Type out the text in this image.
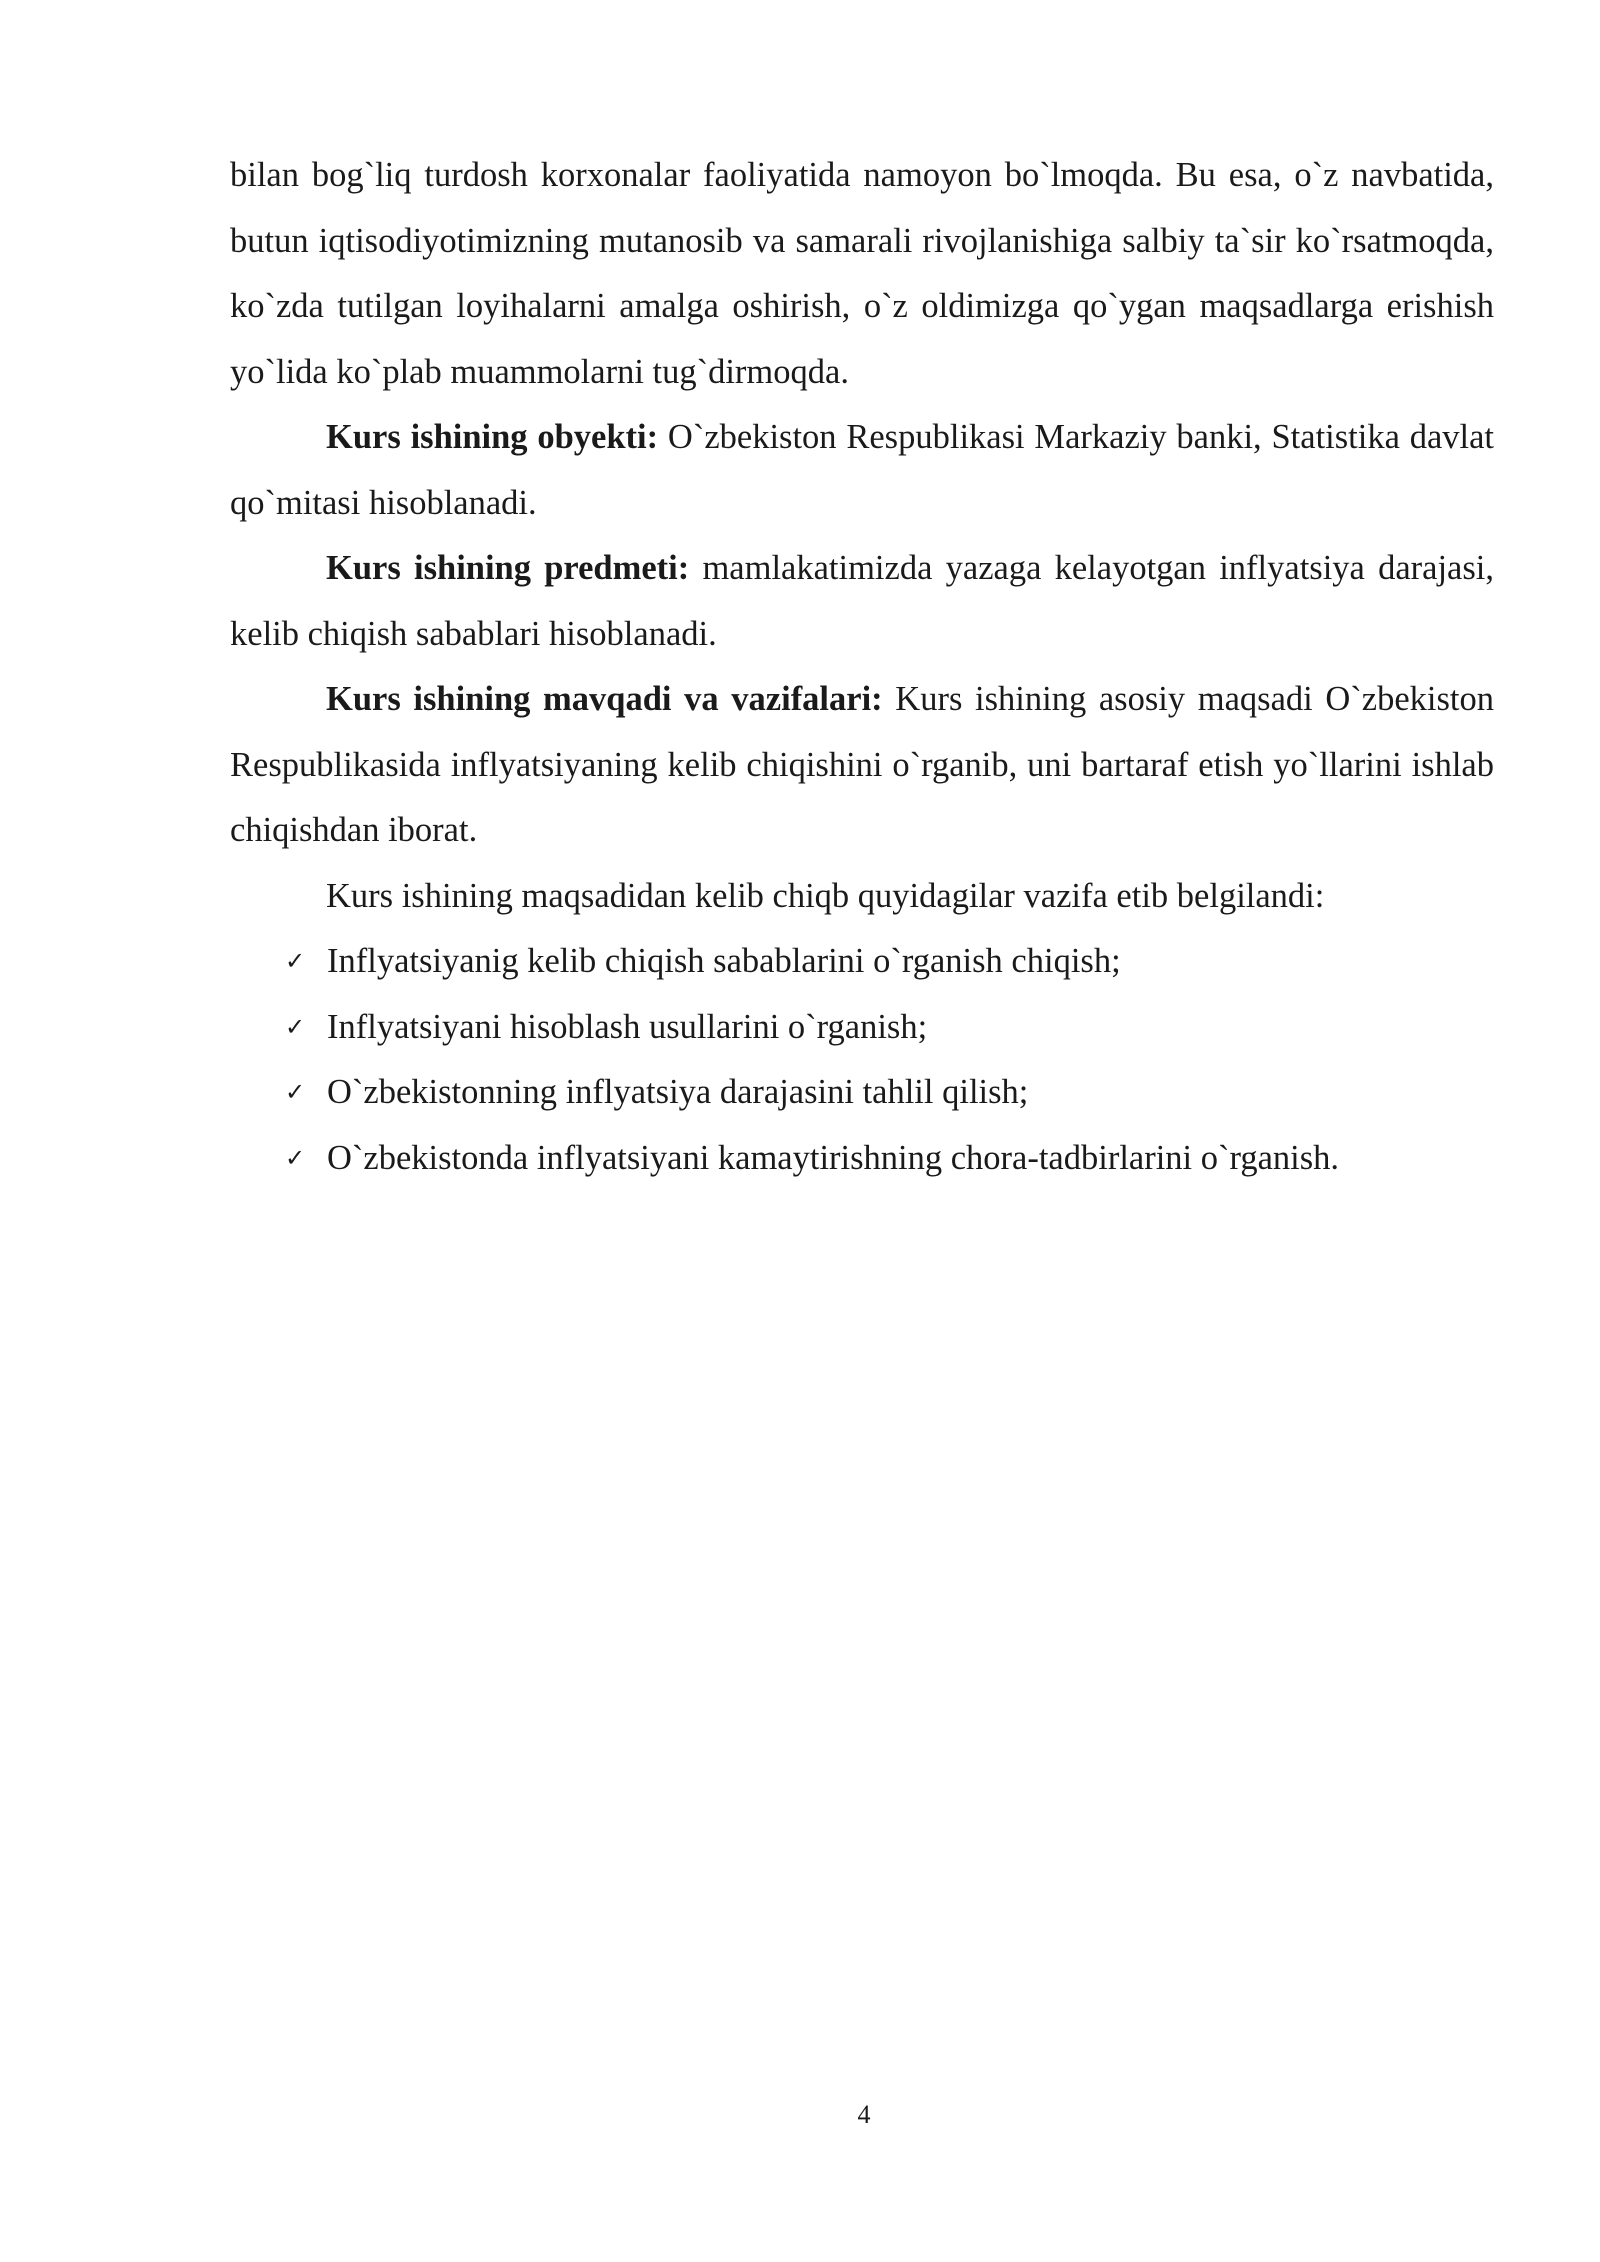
bilan bog`liq turdosh korxonalar faoliyatida namoyon bo`lmoqda. Bu esa, o`z navbatida, butun iqtisodiyotimizning mutanosib va samarali rivojlanishiga salbiy ta`sir ko`rsatmoqda, ko`zda tutilgan loyihalarni amalga oshirish, o`z oldimizga qo`ygan maqsadlarga erishish yo`lida ko`plab muammolarni tug`dirmoqda.

Kurs ishining obyekti: O`zbekiston Respublikasi Markaziy banki, Statistika davlat qo`mitasi hisoblanadi.

Kurs ishining predmeti: mamlakatimizda yazaga kelayotgan inflyatsiya darajasi, kelib chiqish sabablari hisoblanadi.

Kurs ishining mavqadi va vazifalari: Kurs ishining asosiy maqsadi O`zbekiston Respublikasida inflyatsiyaning kelib chiqishini o`rganib, uni bartaraf etish yo`llarini ishlab chiqishdan iborat.

Kurs ishining maqsadidan kelib chiqb quyidagilar vazifa etib belgilandi:

✓ Inflyatsiyanig kelib chiqish sabablarini o`rganish chiqish;
✓ Inflyatsiyani hisoblash usullarini o`rganish;
✓ O`zbekistonning inflyatsiya darajasini tahlil qilish;
✓ O`zbekistonda inflyatsiyani kamaytirishning chora-tadbirlarini o`rganish.
4
